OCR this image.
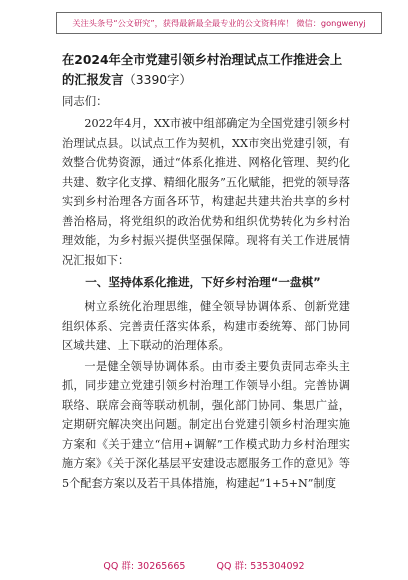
关注头条号“公文研究”，获得最新最全最专业的公文资料库！ 微信：gongwenyj

在2024年全市党建引领乡村治理试点工作推进会上的汇报发言（3390字）

同志们：

2022年4月，XX市被中组部确定为全国党建引领乡村治理试点县。以试点工作为契机，XX市突出党建引领，有效整合优势资源，通过“体系化推进、网格化管理、契约化共建、数字化支撑、精细化服务”五化赋能，把党的领导落实到乡村治理各方面各环节，构建起共建共治共享的乡村善治格局，将党组织的政治优势和组织优势转化为乡村治理效能，为乡村振兴提供坚强保障。现将有关工作进展情况汇报如下：

一、坚持体系化推进，下好乡村治理“一盘棋”

树立系统化治理思维，健全领导协调体系、创新党建组织体系、完善责任落实体系，构建市委统筹、部门协同区域共建、上下联动的治理体系。

一是健全领导协调体系。由市委主要负责同志牵头主抓，同步建立党建引领乡村治理工作领导小组。完善协调联络、联席会商等联动机制，强化部门协同、集思广益，定期研究解决突出问题。制定出台党建引领乡村治理实施方案和《关于建立“信用+调解”工作模式助力乡村治理实施方案》《关于深化基层平安建设志愿服务工作的意见》等5个配套方案以及若干具体措施，构建起“1+5+N”制度

QQ 群: 30265665	QQ 群: 535304092
